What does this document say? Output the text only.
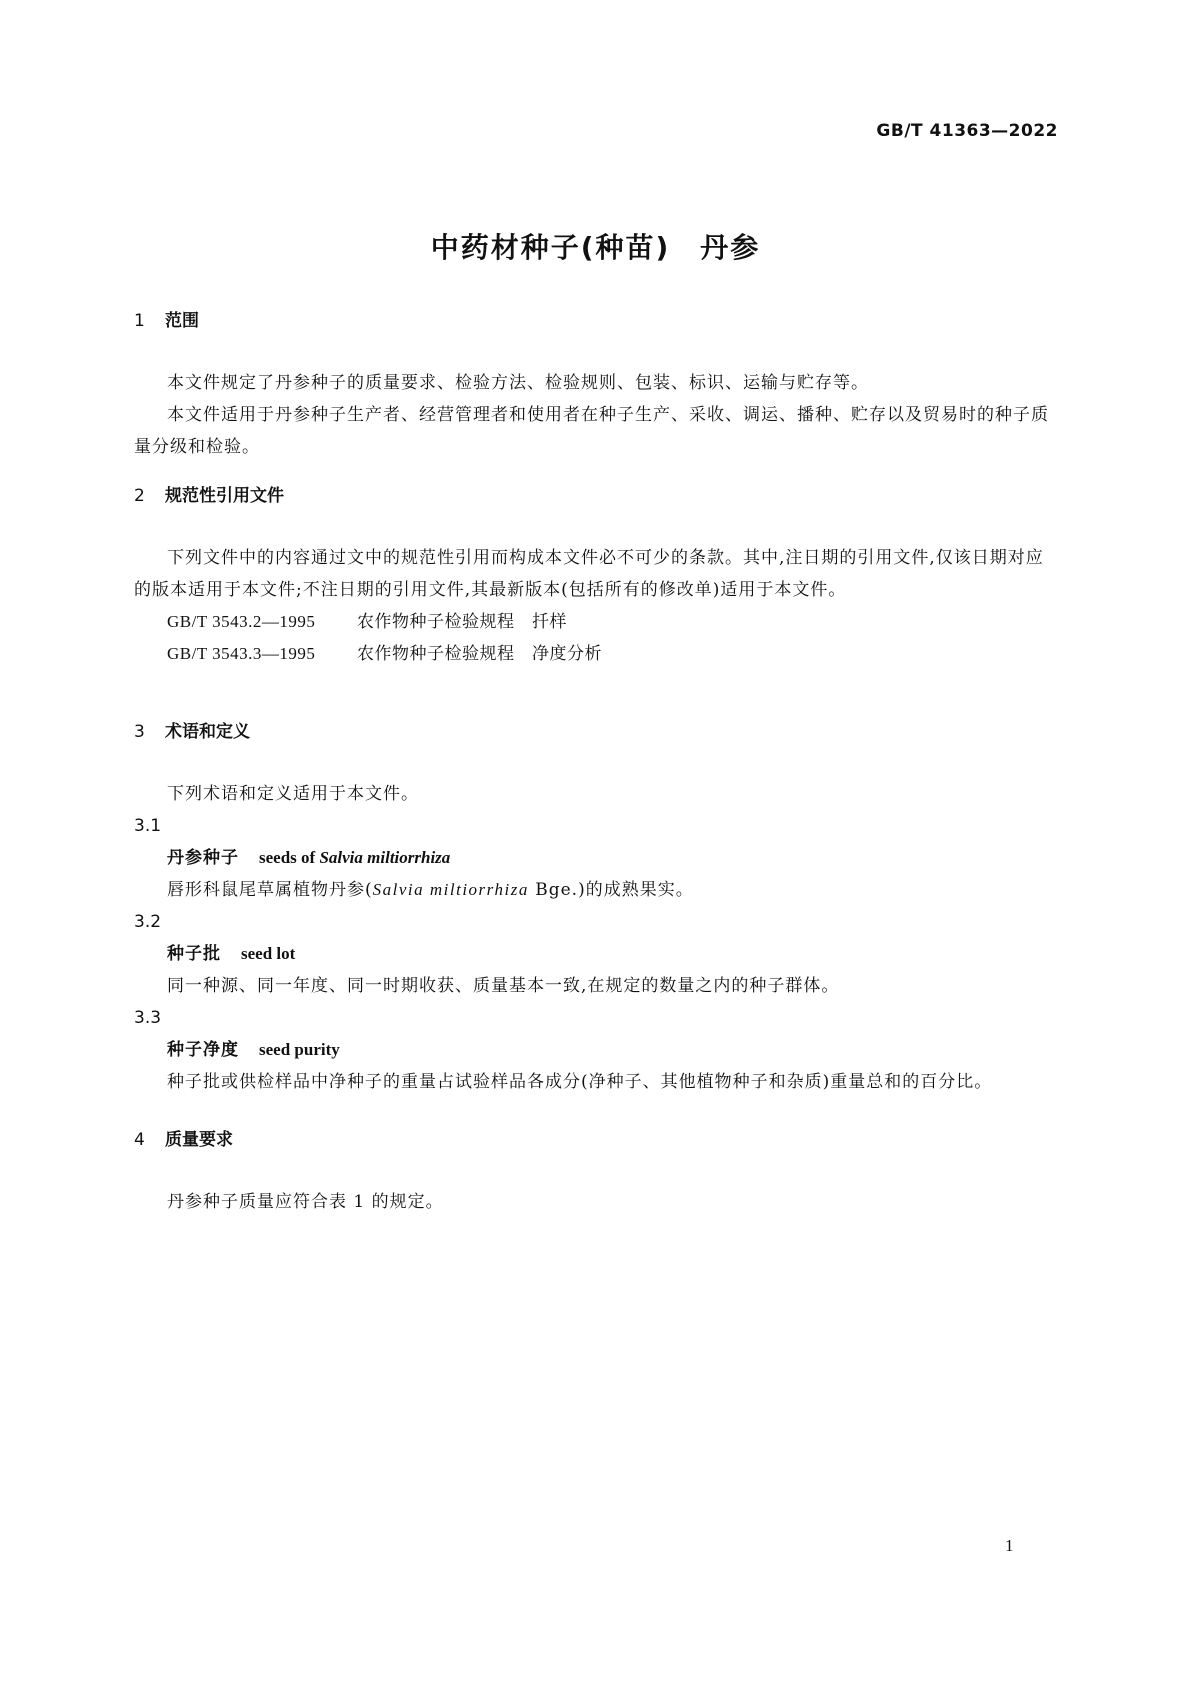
GB/T 41363—2022
中药材种子(种苗)　丹参
1 范围

本文件规定了丹参种子的质量要求、检验方法、检验规则、包装、标识、运输与贮存等。

本文件适用于丹参种子生产者、经营管理者和使用者在种子生产、采收、调运、播种、贮存以及贸易时的种子质量分级和检验。

2 规范性引用文件

下列文件中的内容通过文中的规范性引用而构成本文件必不可少的条款。其中,注日期的引用文件,仅该日期对应的版本适用于本文件;不注日期的引用文件,其最新版本(包括所有的修改单)适用于本文件。

GB/T 3543.2—1995 农作物种子检验规程　扦样
GB/T 3543.3—1995 农作物种子检验规程　净度分析
3 术语和定义

下列术语和定义适用于本文件。

3.1
丹参种子 seeds of Salvia miltiorrhiza
唇形科鼠尾草属植物丹参(Salvia miltiorrhiza Bge.)的成熟果实。
3.2
种子批 seed lot
同一种源、同一年度、同一时期收获、质量基本一致,在规定的数量之内的种子群体。
3.3
种子净度 seed purity

种子批或供检样品中净种子的重量占试验样品各成分(净种子、其他植物种子和杂质)重量总和的百分比。

4 质量要求

丹参种子质量应符合表 1 的规定。

1
